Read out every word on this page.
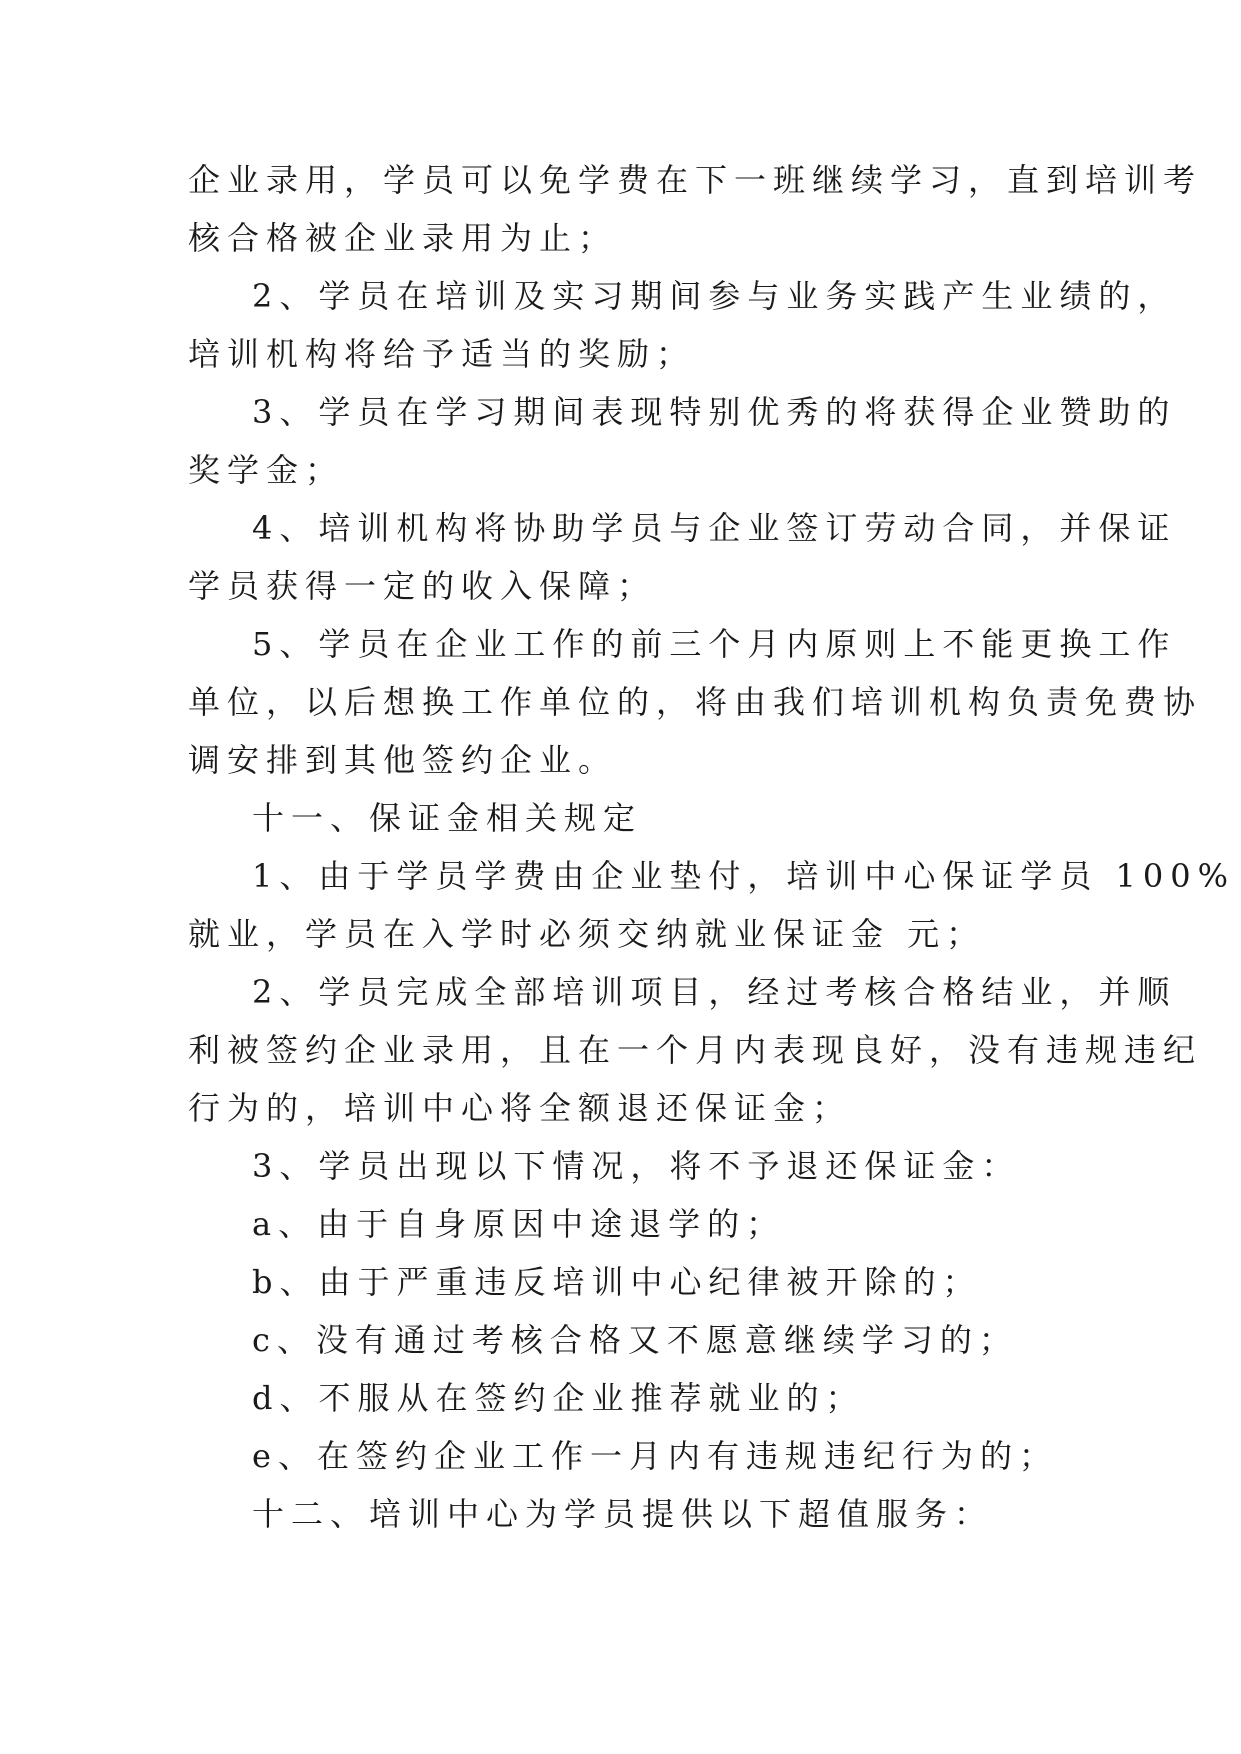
企业录用，学员可以免学费在下一班继续学习，直到培训考
核合格被企业录用为止；
2、学员在培训及实习期间参与业务实践产生业绩的，
培训机构将给予适当的奖励；
3、学员在学习期间表现特别优秀的将获得企业赞助的
奖学金；
4、培训机构将协助学员与企业签订劳动合同，并保证
学员获得一定的收入保障；
5、学员在企业工作的前三个月内原则上不能更换工作
单位，以后想换工作单位的，将由我们培训机构负责免费协
调安排到其他签约企业。
十一、保证金相关规定
1、由于学员学费由企业垫付，培训中心保证学员 100%
就业，学员在入学时必须交纳就业保证金 元；
2、学员完成全部培训项目，经过考核合格结业，并顺
利被签约企业录用，且在一个月内表现良好，没有违规违纪
行为的，培训中心将全额退还保证金；
3、学员出现以下情况，将不予退还保证金：
a、由于自身原因中途退学的；
b、由于严重违反培训中心纪律被开除的；
c、没有通过考核合格又不愿意继续学习的；
d、不服从在签约企业推荐就业的；
e、在签约企业工作一月内有违规违纪行为的；
十二、培训中心为学员提供以下超值服务：
